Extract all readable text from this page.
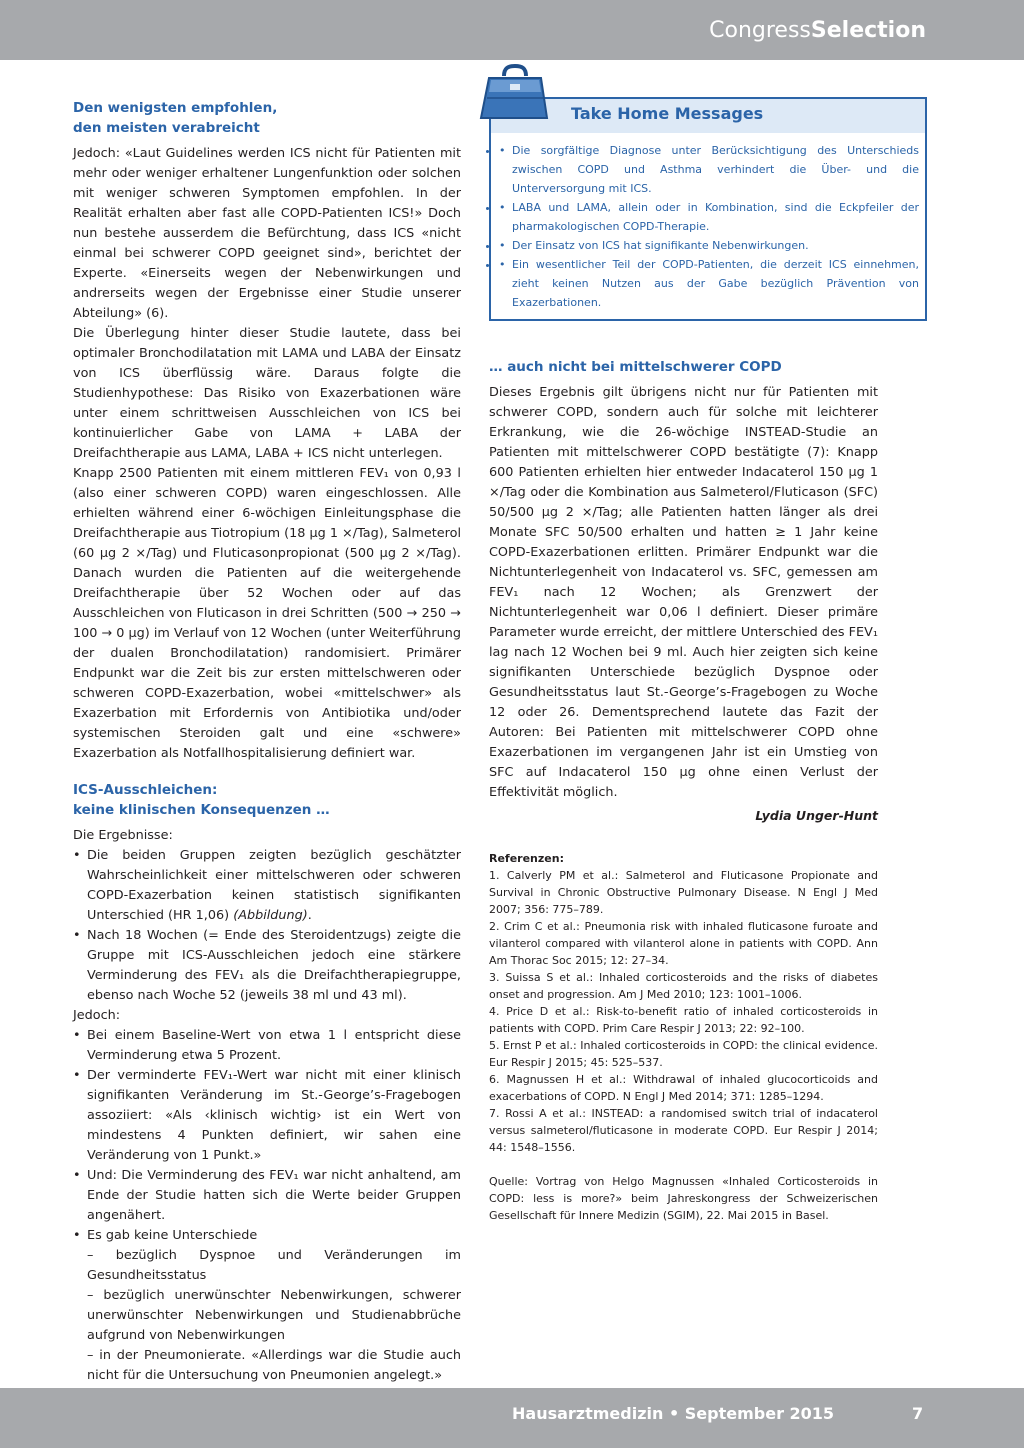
CongressSelection
Den wenigsten empfohlen,
den meisten verabreicht

Jedoch: «Laut Guidelines werden ICS nicht für Patienten mit mehr oder weniger erhaltener Lungenfunktion oder solchen mit weniger schweren Symptomen empfohlen. In der Realität erhalten aber fast alle COPD-Patienten ICS!» Doch nun bestehe ausserdem die Befürchtung, dass ICS «nicht einmal bei schwerer COPD geeignet sind», berichtet der Experte. «Einerseits wegen der Nebenwirkungen und andrerseits wegen der Ergebnisse einer Studie unserer Abteilung» (6).

Die Überlegung hinter dieser Studie lautete, dass bei optimaler Bronchodilatation mit LAMA und LABA der Einsatz von ICS überflüssig wäre. Daraus folgte die Studienhypothese: Das Risiko von Exazerbationen wäre unter einem schrittweisen Ausschleichen von ICS bei kontinuierlicher Gabe von LAMA + LABA der Dreifachtherapie aus LAMA, LABA + ICS nicht unterlegen.

Knapp 2500 Patienten mit einem mittleren FEV₁ von 0,93 l (also einer schweren COPD) waren eingeschlossen. Alle erhielten während einer 6-wöchigen Einleitungsphase die Dreifachtherapie aus Tiotropium (18 µg 1 ×/Tag), Salmeterol (60 µg 2 ×/Tag) und Fluticasonpropionat (500 µg 2 ×/Tag). Danach wurden die Patienten auf die weitergehende Dreifachtherapie über 52 Wochen oder auf das Ausschleichen von Fluticason in drei Schritten (500 → 250 → 100 → 0 µg) im Verlauf von 12 Wochen (unter Weiterführung der dualen Bronchodilatation) randomisiert. Primärer Endpunkt war die Zeit bis zur ersten mittelschweren oder schweren COPD-Exazerbation, wobei «mittelschwer» als Exazerbation mit Erfordernis von Antibiotika und/oder systemischen Steroiden galt und eine «schwere» Exazerbation als Notfallhospitalisierung definiert war.

ICS-Ausschleichen:
keine klinischen Konsequenzen …

Die Ergebnisse:

• Die beiden Gruppen zeigten bezüglich geschätzter Wahrscheinlichkeit einer mittelschweren oder schweren COPD-Exazerbation keinen statistisch signifikanten Unterschied (HR 1,06) (Abbildung).
• Nach 18 Wochen (= Ende des Steroidentzugs) zeigte die Gruppe mit ICS-Ausschleichen jedoch eine stärkere Verminderung des FEV₁ als die Dreifachtherapiegruppe, ebenso nach Woche 52 (jeweils 38 ml und 43 ml).

Jedoch:

• Bei einem Baseline-Wert von etwa 1 l entspricht diese Verminderung etwa 5 Prozent.
• Der verminderte FEV₁-Wert war nicht mit einer klinisch signifikanten Veränderung im St.-George’s-Fragebogen assoziiert: «Als ‹klinisch wichtig› ist ein Wert von mindestens 4 Punkten definiert, wir sahen eine Veränderung von 1 Punkt.»
• Und: Die Verminderung des FEV₁ war nicht anhaltend, am Ende der Studie hatten sich die Werte beider Gruppen angenähert.
• Es gab keine Unterschiede
– bezüglich Dyspnoe und Veränderungen im Gesundheitsstatus
– bezüglich unerwünschter Nebenwirkungen, schwerer unerwünschter Nebenwirkungen und Studienabbrüche aufgrund von Nebenwirkungen
– in der Pneumonierate. «Allerdings war die Studie auch nicht für die Untersuchung von Pneumonien angelegt.»
Take Home Messages
• • Die sorgfältige Diagnose unter Berücksichtigung des Unterschieds zwischen COPD und Asthma verhindert die Über- und die Unterversorgung mit ICS.
• • LABA und LAMA, allein oder in Kombination, sind die Eckpfeiler der pharmakologischen COPD-Therapie.
• • Der Einsatz von ICS hat signifikante Nebenwirkungen.
• • Ein wesentlicher Teil der COPD-Patienten, die derzeit ICS einnehmen, zieht keinen Nutzen aus der Gabe bezüglich Prävention von Exazerbationen.
… auch nicht bei mittelschwerer COPD

Dieses Ergebnis gilt übrigens nicht nur für Patienten mit schwerer COPD, sondern auch für solche mit leichterer Erkrankung, wie die 26-wöchige INSTEAD-Studie an Patienten mit mittelschwerer COPD bestätigte (7): Knapp 600 Patienten erhielten hier entweder Indacaterol 150 µg 1 ×/Tag oder die Kombination aus Salmeterol/Fluticason (SFC) 50/500 µg 2 ×/Tag; alle Patienten hatten länger als drei Monate SFC 50/500 erhalten und hatten ≥ 1 Jahr keine COPD-Exazerbationen erlitten. Primärer Endpunkt war die Nichtunterlegenheit von Indacaterol vs. SFC, gemessen am FEV₁ nach 12 Wochen; als Grenzwert der Nichtunterlegenheit war 0,06 l definiert. Dieser primäre Parameter wurde erreicht, der mittlere Unterschied des FEV₁ lag nach 12 Wochen bei 9 ml. Auch hier zeigten sich keine signifikanten Unterschiede bezüglich Dyspnoe oder Gesundheitsstatus laut St.-George’s-Fragebogen zu Woche 12 oder 26. Dementsprechend lautete das Fazit der Autoren: Bei Patienten mit mittelschwerer COPD ohne Exazerbationen im vergangenen Jahr ist ein Umstieg von SFC auf Indacaterol 150 µg ohne einen Verlust der Effektivität möglich.

Lydia Unger-Hunt
Referenzen:

1. Calverly PM et al.: Salmeterol and Fluticasone Propionate and Survival in Chronic Obstructive Pulmonary Disease. N Engl J Med 2007; 356: 775–789.

2. Crim C et al.: Pneumonia risk with inhaled fluticasone furoate and vilanterol compared with vilanterol alone in patients with COPD. Ann Am Thorac Soc 2015; 12: 27–34.

3. Suissa S et al.: Inhaled corticosteroids and the risks of diabetes onset and progression. Am J Med 2010; 123: 1001–1006.

4. Price D et al.: Risk-to-benefit ratio of inhaled corticosteroids in patients with COPD. Prim Care Respir J 2013; 22: 92–100.

5. Ernst P et al.: Inhaled corticosteroids in COPD: the clinical evidence. Eur Respir J 2015; 45: 525–537.

6. Magnussen H et al.: Withdrawal of inhaled glucocorticoids and exacerbations of COPD. N Engl J Med 2014; 371: 1285–1294.

7. Rossi A et al.: INSTEAD: a randomised switch trial of indacaterol versus salmeterol/fluticasone in moderate COPD. Eur Respir J 2014; 44: 1548–1556.

Quelle: Vortrag von Helgo Magnussen «Inhaled Corticosteroids in COPD: less is more?» beim Jahreskongress der Schweizerischen Gesellschaft für Innere Medizin (SGIM), 22. Mai 2015 in Basel.

Hausarztmedizin • September 2015	7
